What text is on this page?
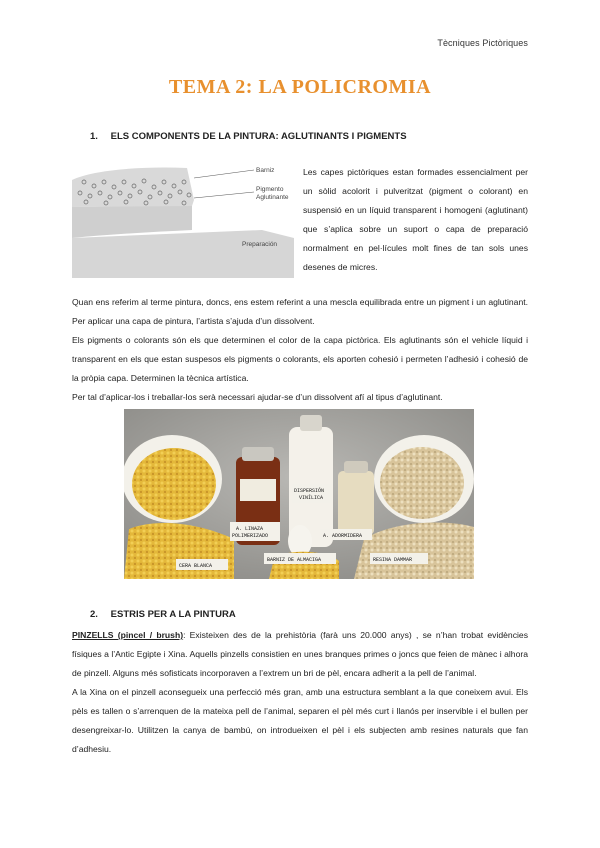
Tècniques Pictòriques
TEMA 2: LA POLICROMIA
1. ELS COMPONENTS DE LA PINTURA: AGLUTINANTS I PIGMENTS
Barniz
Pigmento
Aglutinante
Preparación
Les capes pictòriques estan formades essencialment per un sòlid acolorit i pulveritzat (pigment o colorant) en suspensió en un líquid transparent i homogeni (aglutinant) que s’aplica sobre un suport o capa de preparació normalment en pel·lícules molt fines de tan sols unes desenes de micres.
Quan ens referim al terme pintura, doncs, ens estem referint a una mescla equilibrada entre un pigment i un aglutinant. Per aplicar una capa de pintura, l’artista s’ajuda d’un dissolvent.
Els pigments o colorants són els que determinen el color de la capa pictòrica. Els aglutinants són el vehicle líquid i transparent en els que estan suspesos els pigments o colorants, els aporten cohesió i permeten l’adhesió i cohesió de la pròpia capa. Determinen la tècnica artística.
Per tal d’aplicar-los i treballar-los serà necessari ajudar-se d’un dissolvent afí al tipus d’aglutinant.
CERA BLANCA
A. LINAZA
POLIMERIZADO
DISPERSIÓN
VINÍLICA
A. ADORMIDERA
BARNIZ DE ALMACIGA	RESINA DAMMAR
2. ESTRIS PER A LA PINTURA
PINZELLS (pincel / brush): Existeixen des de la prehistòria (farà uns 20.000 anys) , se n’han trobat evidències físiques a l’Antic Egipte i Xina. Aquells pinzells consistien en unes branques primes o joncs que feien de mànec i alhora de pinzell. Alguns més sofisticats incorporaven a l’extrem un bri de pèl, encara adherit a la pell de l’animal.
A la Xina on el pinzell aconsegueix una perfecció més gran, amb una estructura semblant a la que coneixem avui. Els pèls es tallen o s’arrenquen de la mateixa pell de l’animal, separen el pèl més curt i llanós per inservible i el bullen per desengreixar-lo. Utilitzen la canya de bambú, on introdueixen el pèl i els subjecten amb resines naturals que fan d’adhesiu.
